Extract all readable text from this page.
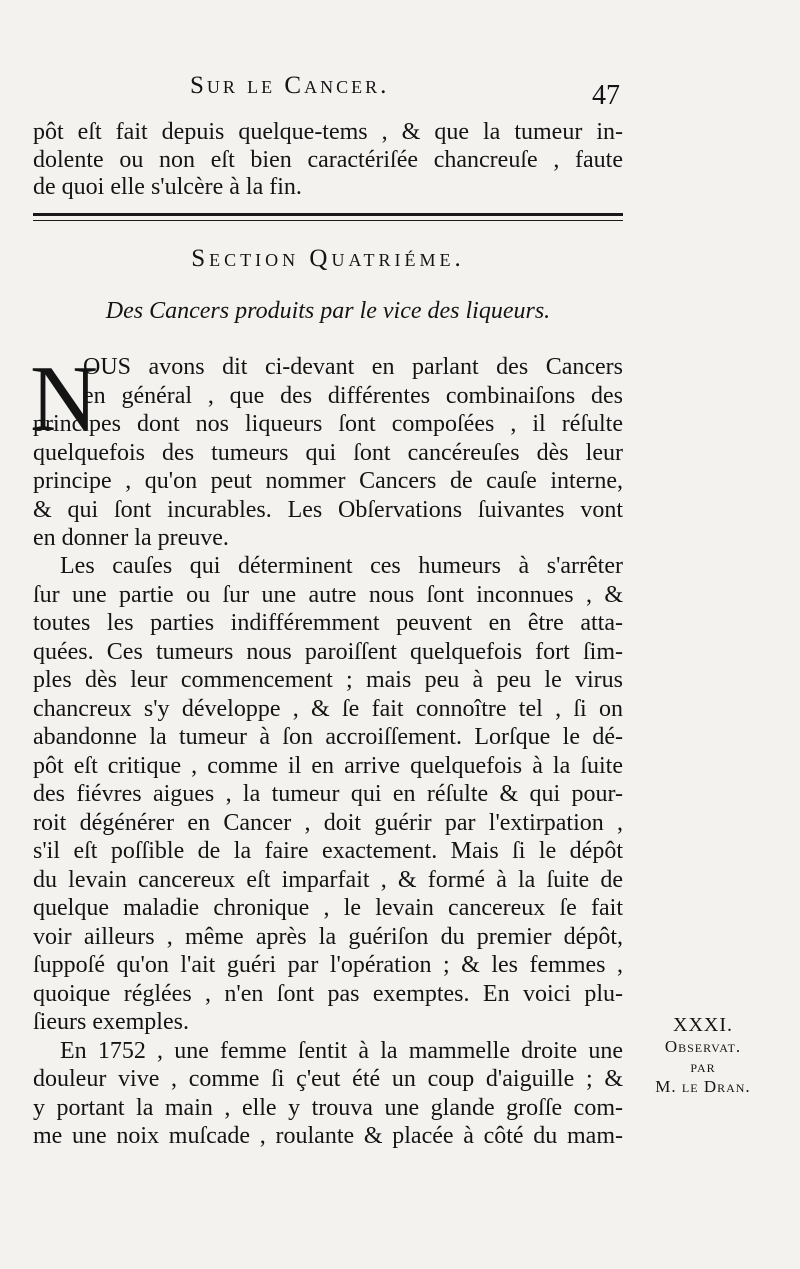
Sur le Cancer.	47
pôt eſt fait depuis quelque-tems , & que la tumeur in-
dolente ou non eſt bien caractériſée chancreuſe , faute
de quoi elle s'ulcère à la fin.
Section Quatriéme.
Des Cancers produits par le vice des liqueurs.
N
OUS avons dit ci-devant en parlant des Cancers
en général , que des différentes combinaiſons des
principes dont nos liqueurs ſont compoſées , il réſulte
quelquefois des tumeurs qui ſont cancéreuſes dès leur
principe , qu'on peut nommer Cancers de cauſe interne,
& qui ſont incurables. Les Obſervations ſuivantes vont
en donner la preuve.
Les cauſes qui déterminent ces humeurs à s'arrêter
ſur une partie ou ſur une autre nous ſont inconnues , &
toutes les parties indifféremment peuvent en être atta-
quées. Ces tumeurs nous paroiſſent quelquefois fort ſim-
ples dès leur commencement ; mais peu à peu le virus
chancreux s'y développe , & ſe fait connoître tel , ſi on
abandonne la tumeur à ſon accroiſſement. Lorſque le dé-
pôt eſt critique , comme il en arrive quelquefois à la ſuite
des fiévres aigues , la tumeur qui en réſulte & qui pour-
roit dégénérer en Cancer , doit guérir par l'extirpation ,
s'il eſt poſſible de la faire exactement. Mais ſi le dépôt
du levain cancereux eſt imparfait , & formé à la ſuite de
quelque maladie chronique , le levain cancereux ſe fait
voir ailleurs , même après la guériſon du premier dépôt,
ſuppoſé qu'on l'ait guéri par l'opération ; & les femmes ,
quoique réglées , n'en ſont pas exemptes. En voici plu-
ſieurs exemples.
En 1752 , une femme ſentit à la mammelle droite une
douleur vive , comme ſi ç'eut été un coup d'aiguille ; &
y portant la main , elle y trouva une glande groſſe com-
me une noix muſcade , roulante & placée à côté du mam-
XXXI.
Observat.
par
M. le Dran.
